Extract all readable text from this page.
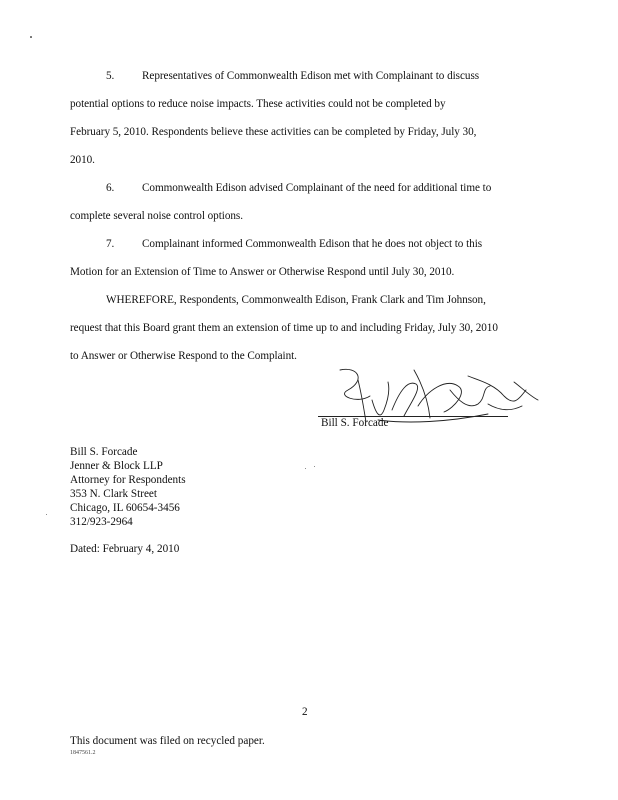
5. Representatives of Commonwealth Edison met with Complainant to discuss
potential options to reduce noise impacts. These activities could not be completed by
February 5, 2010. Respondents believe these activities can be completed by Friday, July 30,
2010.
6. Commonwealth Edison advised Complainant of the need for additional time to
complete several noise control options.
7. Complainant informed Commonwealth Edison that he does not object to this
Motion for an Extension of Time to Answer or Otherwise Respond until July 30, 2010.
WHEREFORE, Respondents, Commonwealth Edison, Frank Clark and Tim Johnson,
request that this Board grant them an extension of time up to and including Friday, July 30, 2010
to Answer or Otherwise Respond to the Complaint.
Bill S. Forcade
Bill S. Forcade
Jenner & Block LLP
Attorney for Respondents
353 N. Clark Street
Chicago, IL 60654-3456
312/923-2964
Dated: February 4, 2010
2
This document was filed on recycled paper.
1847561.2
